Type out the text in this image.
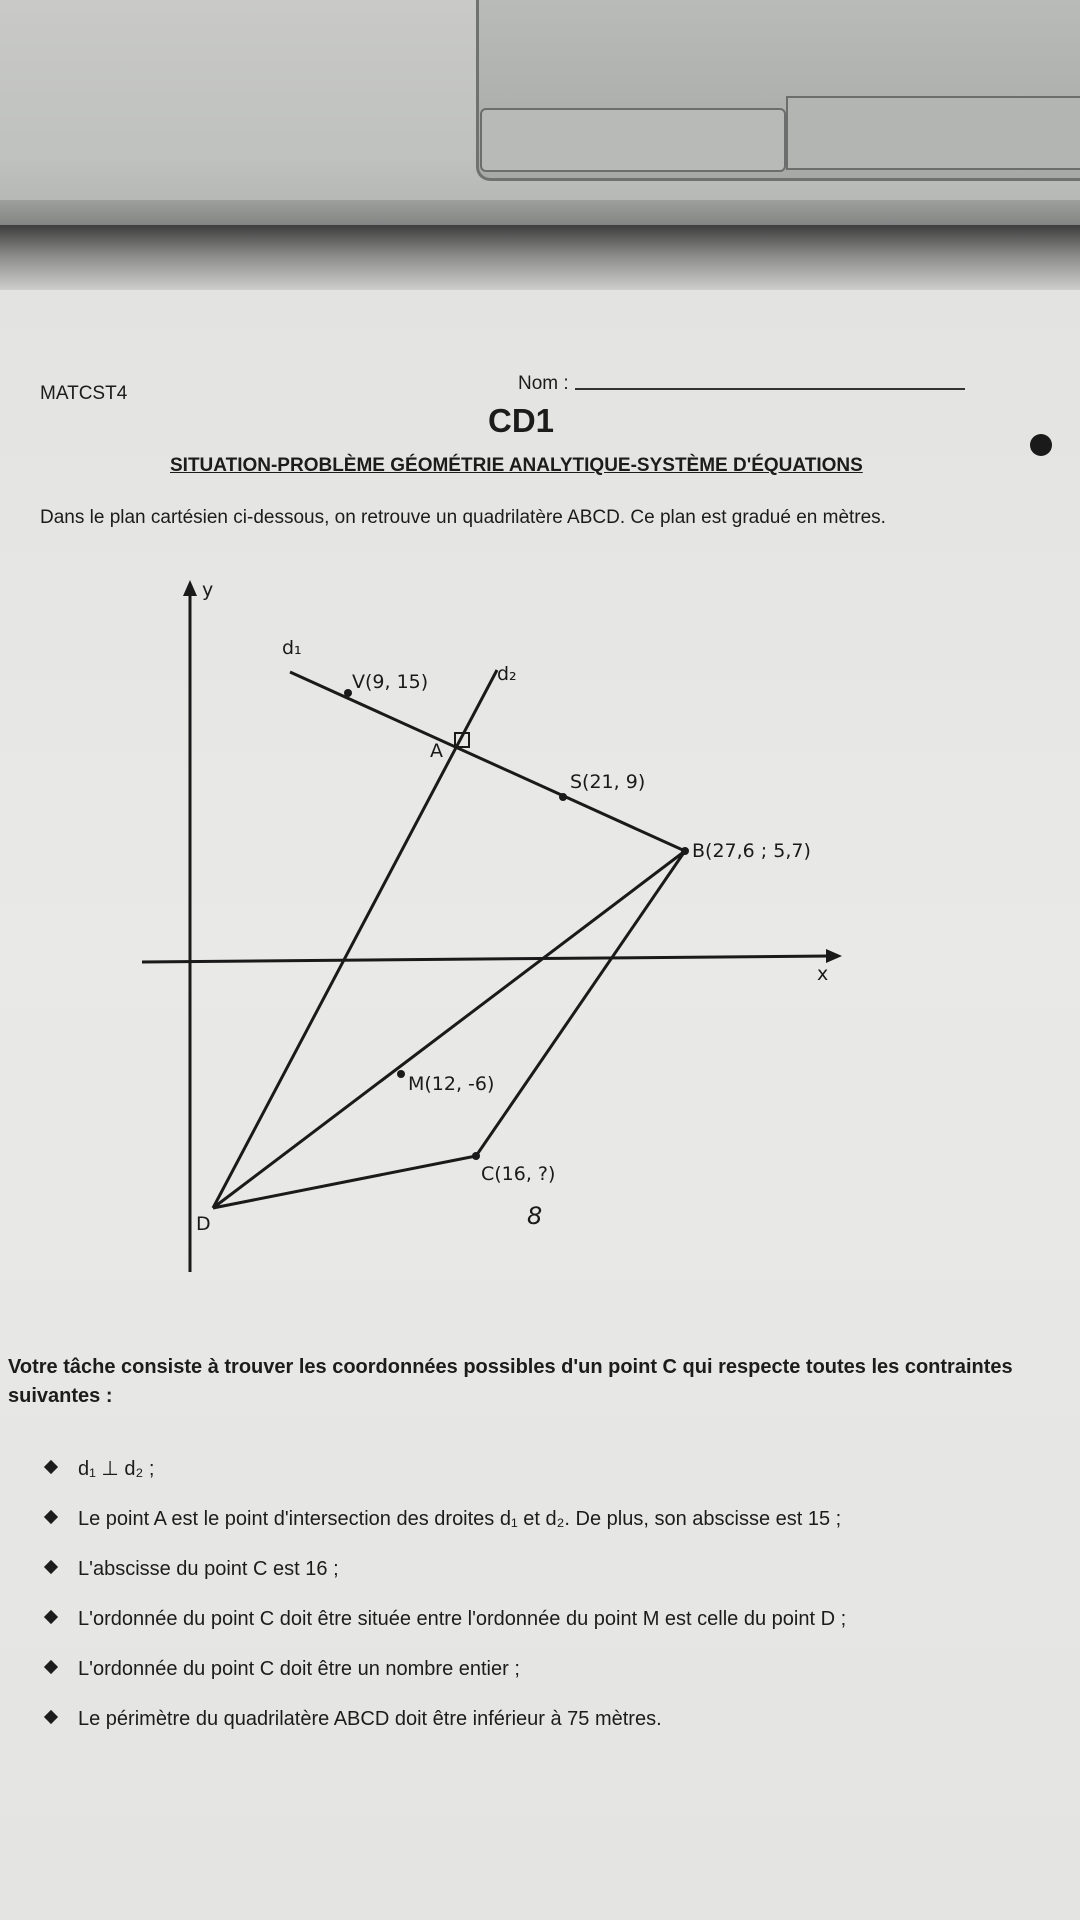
MATCST4	Nom :
CD1
SITUATION-PROBLÈME GÉOMÉTRIE ANALYTIQUE-SYSTÈME D'ÉQUATIONS
Dans le plan cartésien ci-dessous, on retrouve un quadrilatère ABCD. Ce plan est gradué en mètres.
y
x
d₁
d₂
V(9, 15)
A
S(21, 9)
B(27,6 ; 5,7)
M(12, -6)
C(16, ?)
D	8
Votre tâche consiste à trouver les coordonnées possibles d'un point C qui respecte toutes les contraintes suivantes :
d₁ ⊥ d₂ ;
Le point A est le point d'intersection des droites d₁ et d₂. De plus, son abscisse est 15 ;
L'abscisse du point C est 16 ;
L'ordonnée du point C doit être située entre l'ordonnée du point M est celle du point D ;
L'ordonnée du point C doit être un nombre entier ;
Le périmètre du quadrilatère ABCD doit être inférieur à 75 mètres.
